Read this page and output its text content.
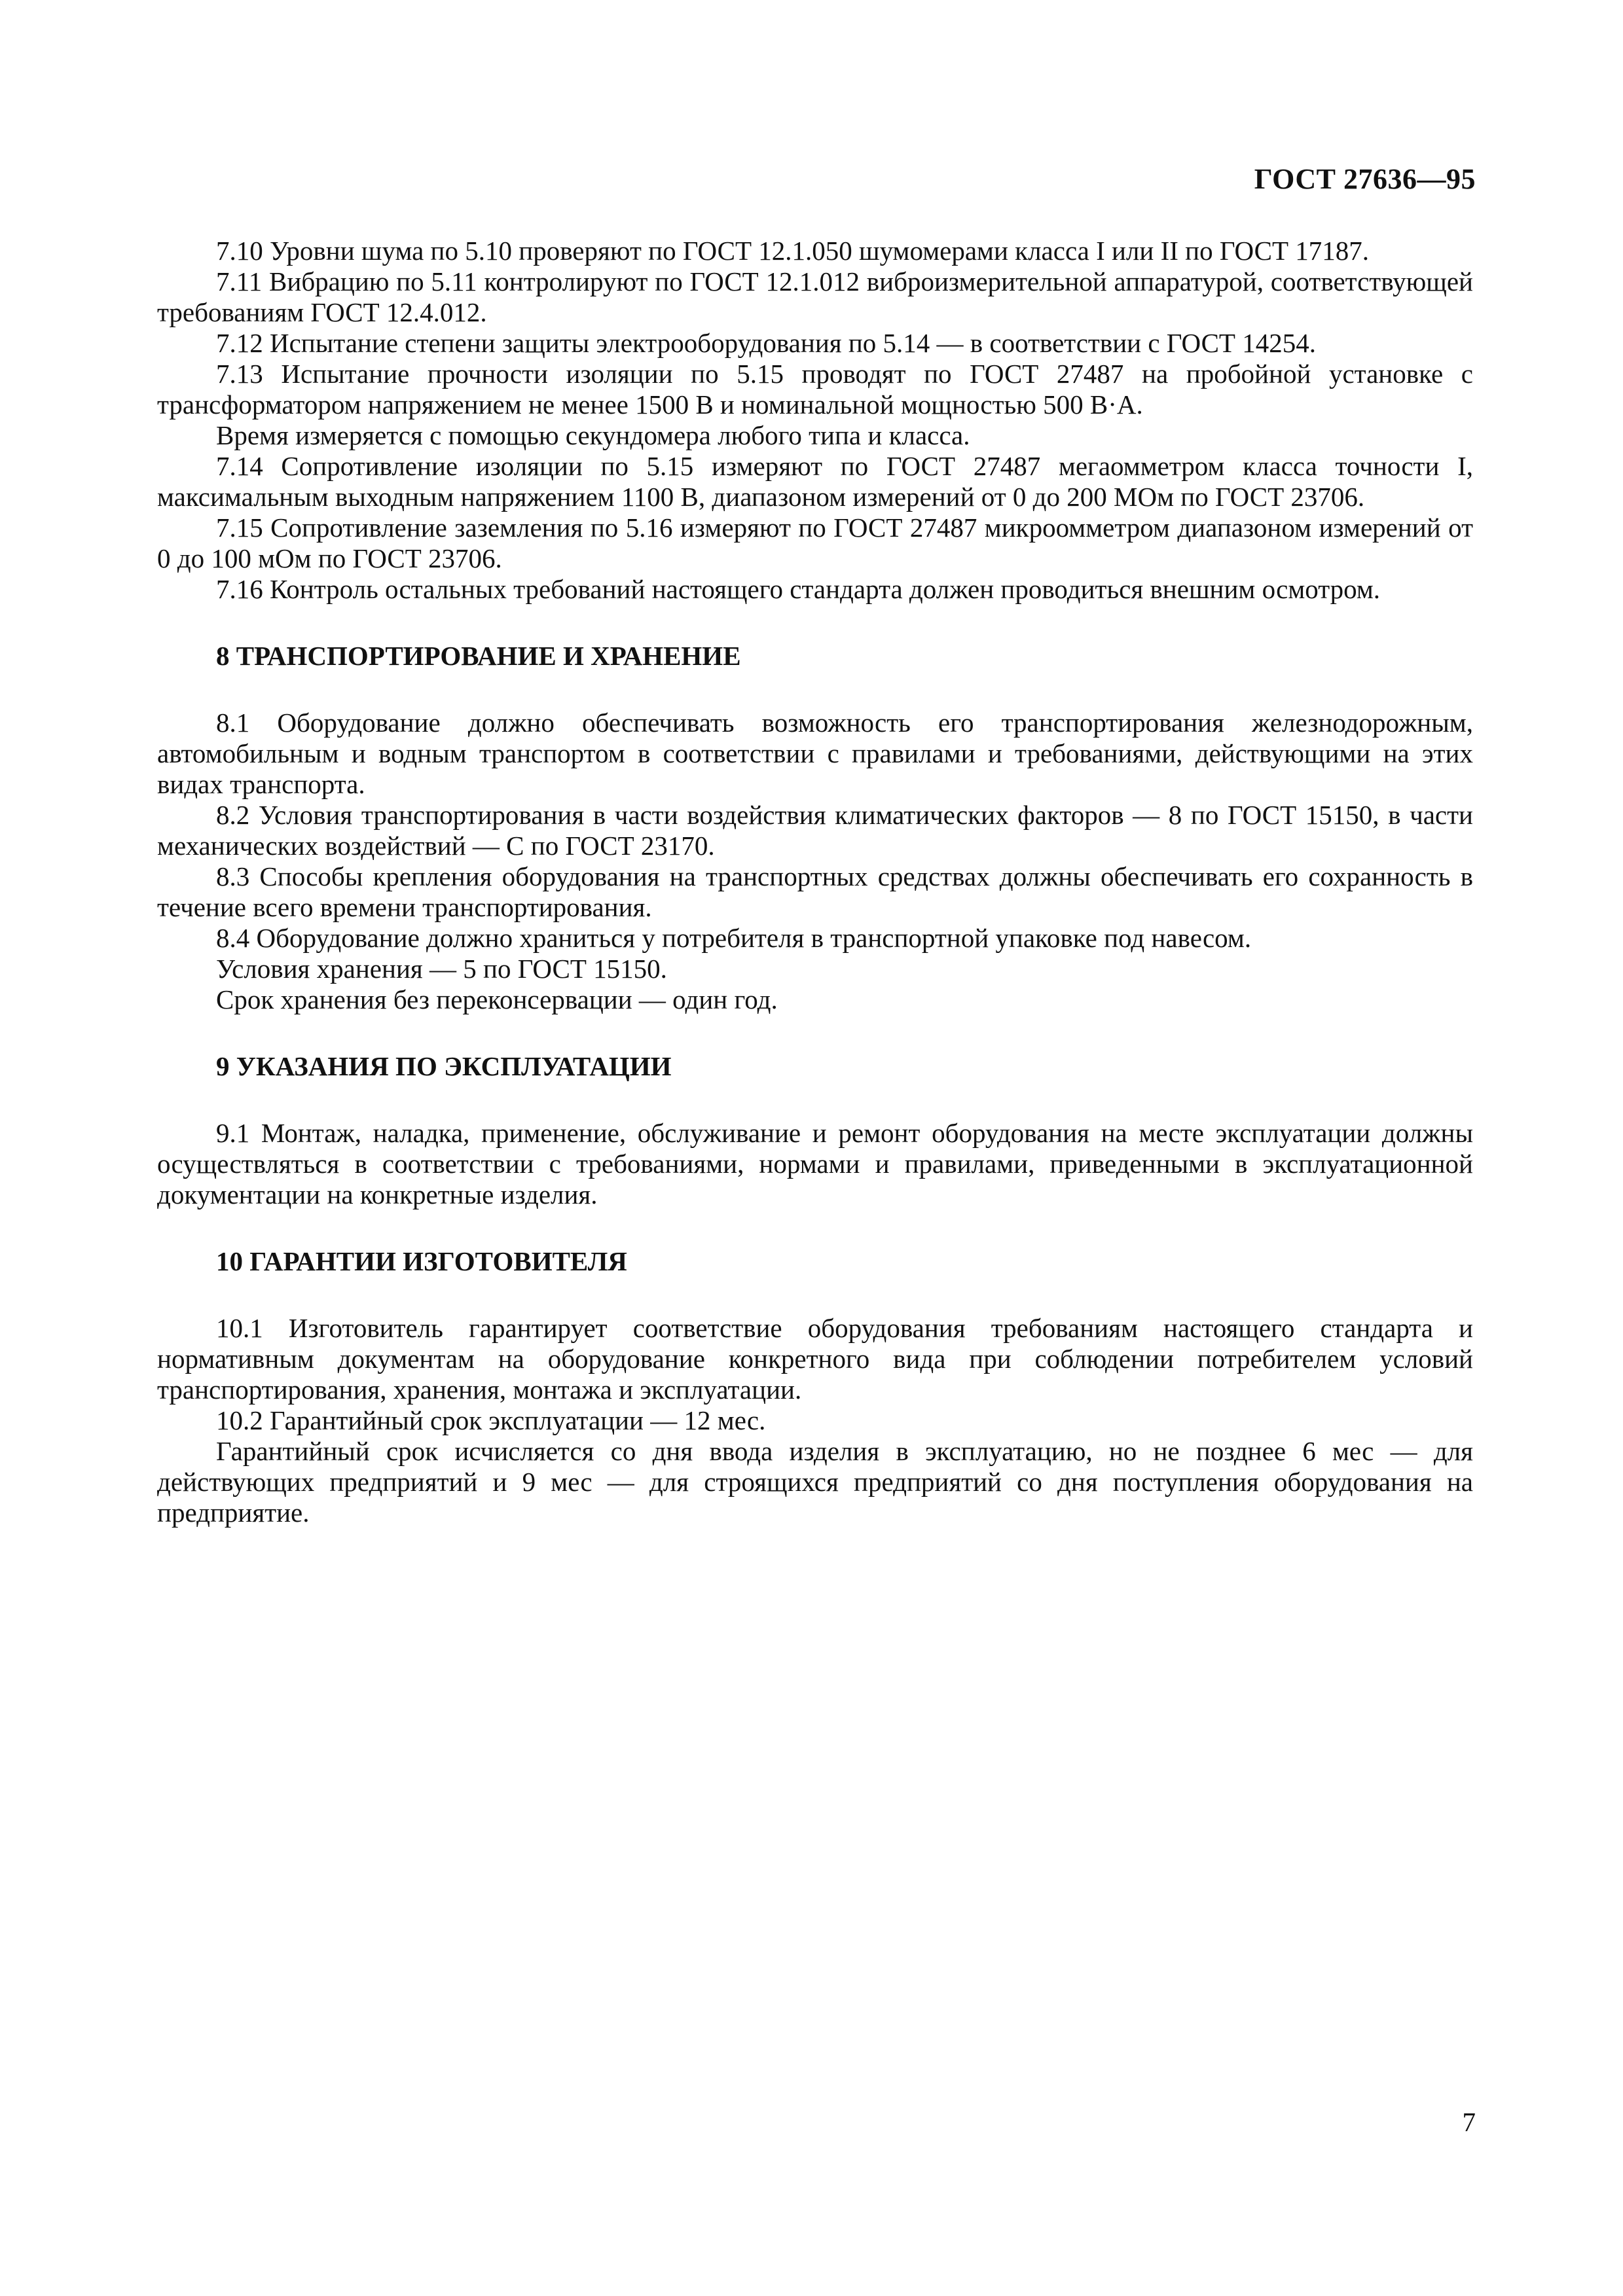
ГОСТ 27636—95

7.10 Уровни шума по 5.10 проверяют по ГОСТ 12.1.050 шумомерами класса I или II по ГОСТ 17187.

7.11 Вибрацию по 5.11 контролируют по ГОСТ 12.1.012 виброизмерительной аппаратурой, соответствующей требованиям ГОСТ 12.4.012.

7.12 Испытание степени защиты электрооборудования по 5.14 — в соответствии с ГОСТ 14254.

7.13 Испытание прочности изоляции по 5.15 проводят по ГОСТ 27487 на пробойной установке с трансформатором напряжением не менее 1500 В и номинальной мощностью 500 В·А.

Время измеряется с помощью секундомера любого типа и класса.

7.14 Сопротивление изоляции по 5.15 измеряют по ГОСТ 27487 мегаомметром класса точности I, максимальным выходным напряжением 1100 В, диапазоном измерений от 0 до 200 МОм по ГОСТ 23706.

7.15 Сопротивление заземления по 5.16 измеряют по ГОСТ 27487 микроомметром диапазоном измерений от 0 до 100 мОм по ГОСТ 23706.

7.16 Контроль остальных требований настоящего стандарта должен проводиться внешним осмотром.

8 ТРАНСПОРТИРОВАНИЕ И ХРАНЕНИЕ

8.1 Оборудование должно обеспечивать возможность его транспортирования железнодорожным, автомобильным и водным транспортом в соответствии с правилами и требованиями, действующими на этих видах транспорта.

8.2 Условия транспортирования в части воздействия климатических факторов — 8 по ГОСТ 15150, в части механических воздействий — С по ГОСТ 23170.

8.3 Способы крепления оборудования на транспортных средствах должны обеспечивать его сохранность в течение всего времени транспортирования.

8.4 Оборудование должно храниться у потребителя в транспортной упаковке под навесом.

Условия хранения — 5 по ГОСТ 15150.

Срок хранения без переконсервации — один год.

9 УКАЗАНИЯ ПО ЭКСПЛУАТАЦИИ

9.1 Монтаж, наладка, применение, обслуживание и ремонт оборудования на месте эксплуатации должны осуществляться в соответствии с требованиями, нормами и правилами, приведенными в эксплуатационной документации на конкретные изделия.

10 ГАРАНТИИ ИЗГОТОВИТЕЛЯ

10.1 Изготовитель гарантирует соответствие оборудования требованиям настоящего стандарта и нормативным документам на оборудование конкретного вида при соблюдении потребителем условий транспортирования, хранения, монтажа и эксплуатации.

10.2 Гарантийный срок эксплуатации — 12 мес.

Гарантийный срок исчисляется со дня ввода изделия в эксплуатацию, но не позднее 6 мес — для действующих предприятий и 9 мес — для строящихся предприятий со дня поступления оборудования на предприятие.

7
